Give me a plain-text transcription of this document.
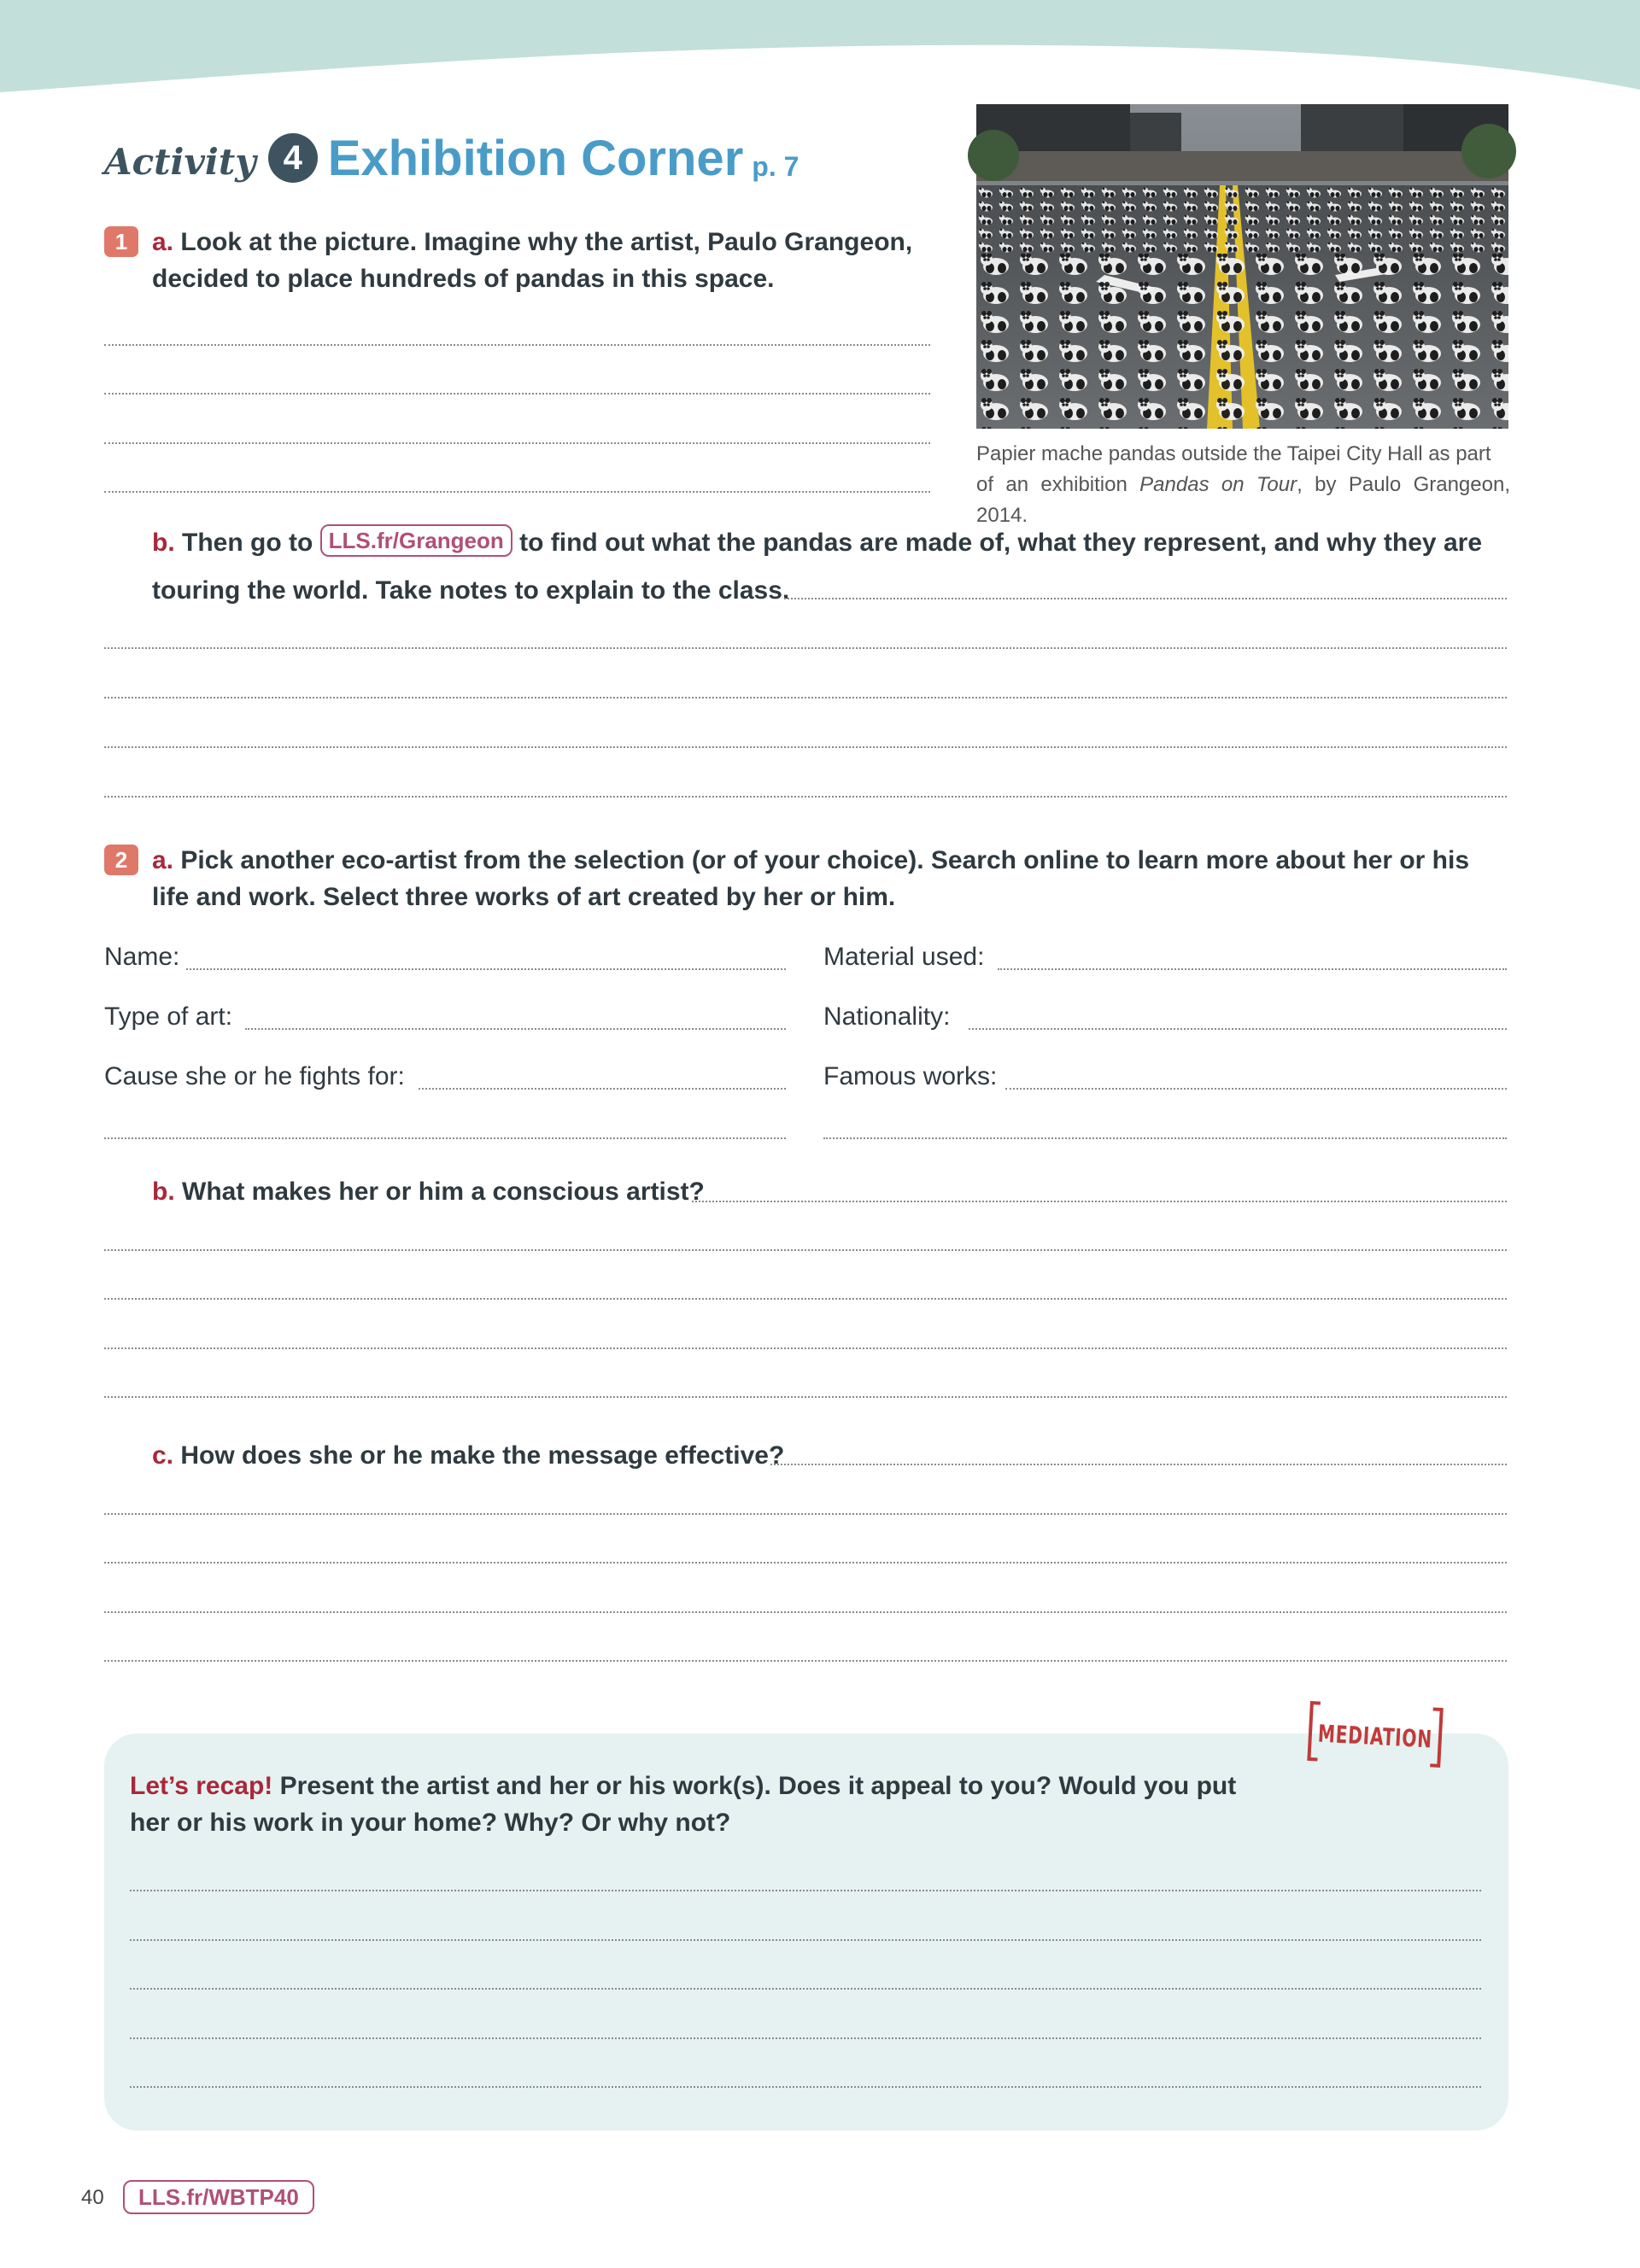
Activity 4 Exhibition Corner p. 7
Papier mache pandas outside the Taipei City Hall as part
of an exhibition Pandas on Tour, by Paulo Grangeon, 2014.
1 a. Look at the picture. Imagine why the artist, Paulo Grangeon, decided to place hundreds of pandas in this space.
b. Then go to LLS.fr/Grangeon to find out what the pandas are made of, what they represent, and why they are
touring the world. Take notes to explain to the class.
2 a. Pick another eco-artist from the selection (or of your choice). Search online to learn more about her or his life and work. Select three works of art created by her or him.
Name:
Type of art:
Cause she or he fights for:
Material used:
Nationality:
Famous works:
b. What makes her or him a conscious artist?
c. How does she or he make the message effective?
Let’s recap! Present the artist and her or his work(s). Does it appeal to you? Would you put her or his work in your home? Why? Or why not?
MEDIATION
40	LLS.fr/WBTP40
